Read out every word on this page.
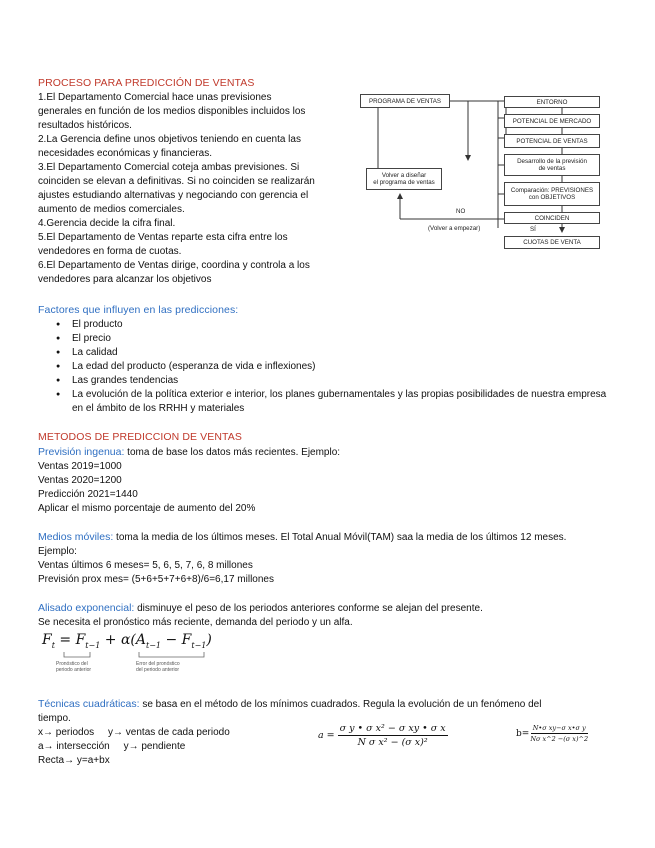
PROCESO PARA PREDICCIÓN DE VENTAS

1.El Departamento Comercial hace unas previsiones

generales en función de los medios disponibles incluidos los

resultados históricos.

2.La Gerencia define unos objetivos teniendo en cuenta las

necesidades económicas y financieras.

3.El Departamento Comercial coteja ambas previsiones. Si

coinciden se elevan a definitivas. Si no coinciden se realizarán

ajustes estudiando alternativas y negociando con gerencia el

aumento de medios comerciales.

4.Gerencia decide la cifra final.

5.El Departamento de Ventas reparte esta cifra entre los

vendedores en forma de cuotas.

6.El Departamento de Ventas dirige, coordina y controla a los

vendedores para alcanzar los objetivos

PROGRAMA DE VENTAS	ENTORNO
POTENCIAL DE MERCADO
POTENCIAL DE VENTAS
Desarrollo de la previsión
de ventas
Volver a diseñar
el programa de ventas
Comparación: PREVISIONES
con OBJETIVOS
COINCIDEN
NO
(Volver a empezar)	SÍ
CUOTAS DE VENTA
Factores que influyen en las predicciones:
● El producto
● El precio
● La calidad
● La edad del producto (esperanza de vida e inflexiones)
● Las grandes tendencias
● La evolución de la política exterior e interior, los planes gubernamentales y las propias posibilidades de nuestra empresa en el ámbito de los RRHH y materiales
METODOS DE PREDICCION DE VENTAS

Previsión ingenua: toma de base los datos más recientes. Ejemplo:

Ventas 2019=1000

Ventas 2020=1200

Predicción 2021=1440

Aplicar el mismo porcentaje de aumento del 20%

Medios móviles: toma la media de los últimos meses. El Total Anual Móvil(TAM) saa la media de los últimos 12 meses.

Ejemplo:

Ventas últimos 6 meses= 5, 6, 5, 7, 6, 8 millones

Previsión prox mes= (5+6+5+7+6+8)/6=6,17 millones

Alisado exponencial: disminuye el peso de los periodos anteriores conforme se alejan del presente.

Se necesita el pronóstico más reciente, demanda del periodo y un alfa.

$F_t = F_{t-1} + \alpha(A_{t-1} - F_{t-1})$
Pronóstico del
periodo anterior
Error del pronóstico
del periodo anterior

Técnicas cuadráticas: se basa en el método de los mínimos cuadrados. Regula la evolución de un fenómeno del

tiempo.

x→ periodos     y→ ventas de cada periodo

a→ intersección     y→ pendiente

Recta→ y=a+bx

$a = \frac{\text{σ y • σ x² − σ xy • σ x}}{\text{N σ x² − (σ x)²}}$	$b= \frac{\text{N•σ xy−σ x•σ y}}{\text{Nσ x\textasciicircum{}2 −(σ x)\textasciicircum{}2}}$
